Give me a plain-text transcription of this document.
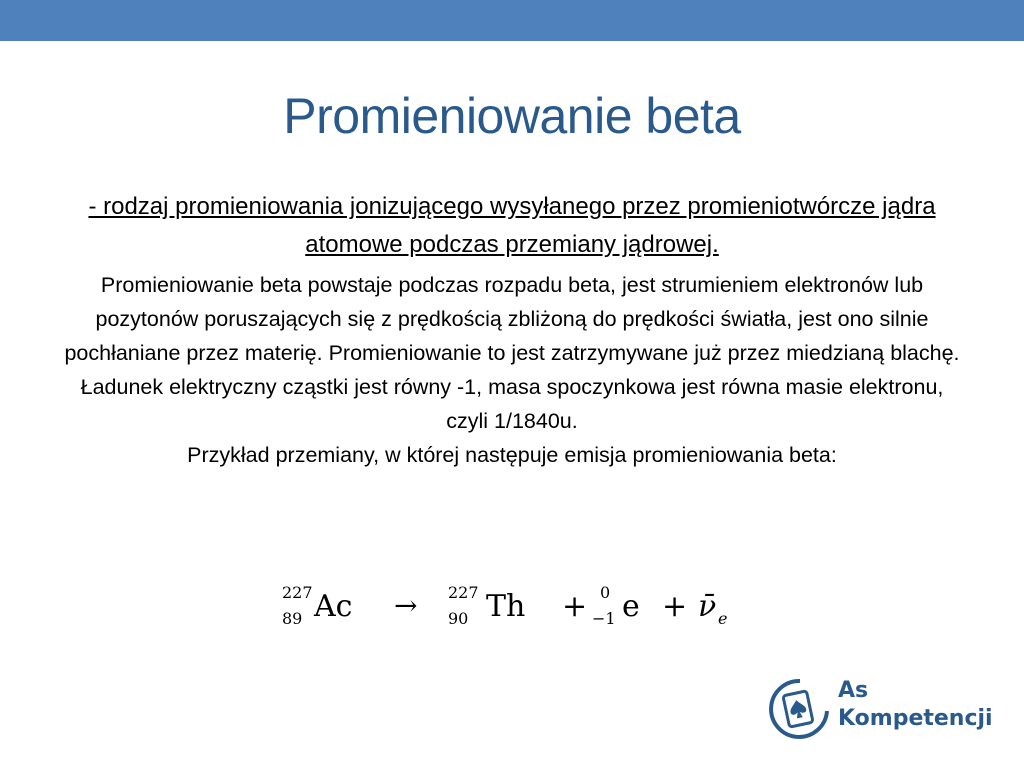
Promieniowanie beta

- rodzaj promieniowania jonizującego wysyłanego przez promieniotwórcze jądra atomowe podczas przemiany jądrowej.

Promieniowanie beta powstaje podczas rozpadu beta, jest strumieniem elektronów lub pozytonów poruszających się z prędkością zbliżoną do prędkości światła, jest ono silnie pochłaniane przez materię. Promieniowanie to jest zatrzymywane już przez miedzianą blachę.

Ładunek elektryczny cząstki jest równy -1, masa spoczynkowa jest równa masie elektronu, czyli 1/1840u.

Przykład przemiany, w której następuje emisja promieniowania beta:

227
89 Ac → 227
90 Th + 0
−1 e + ν̄ e
As
Kompetencji
